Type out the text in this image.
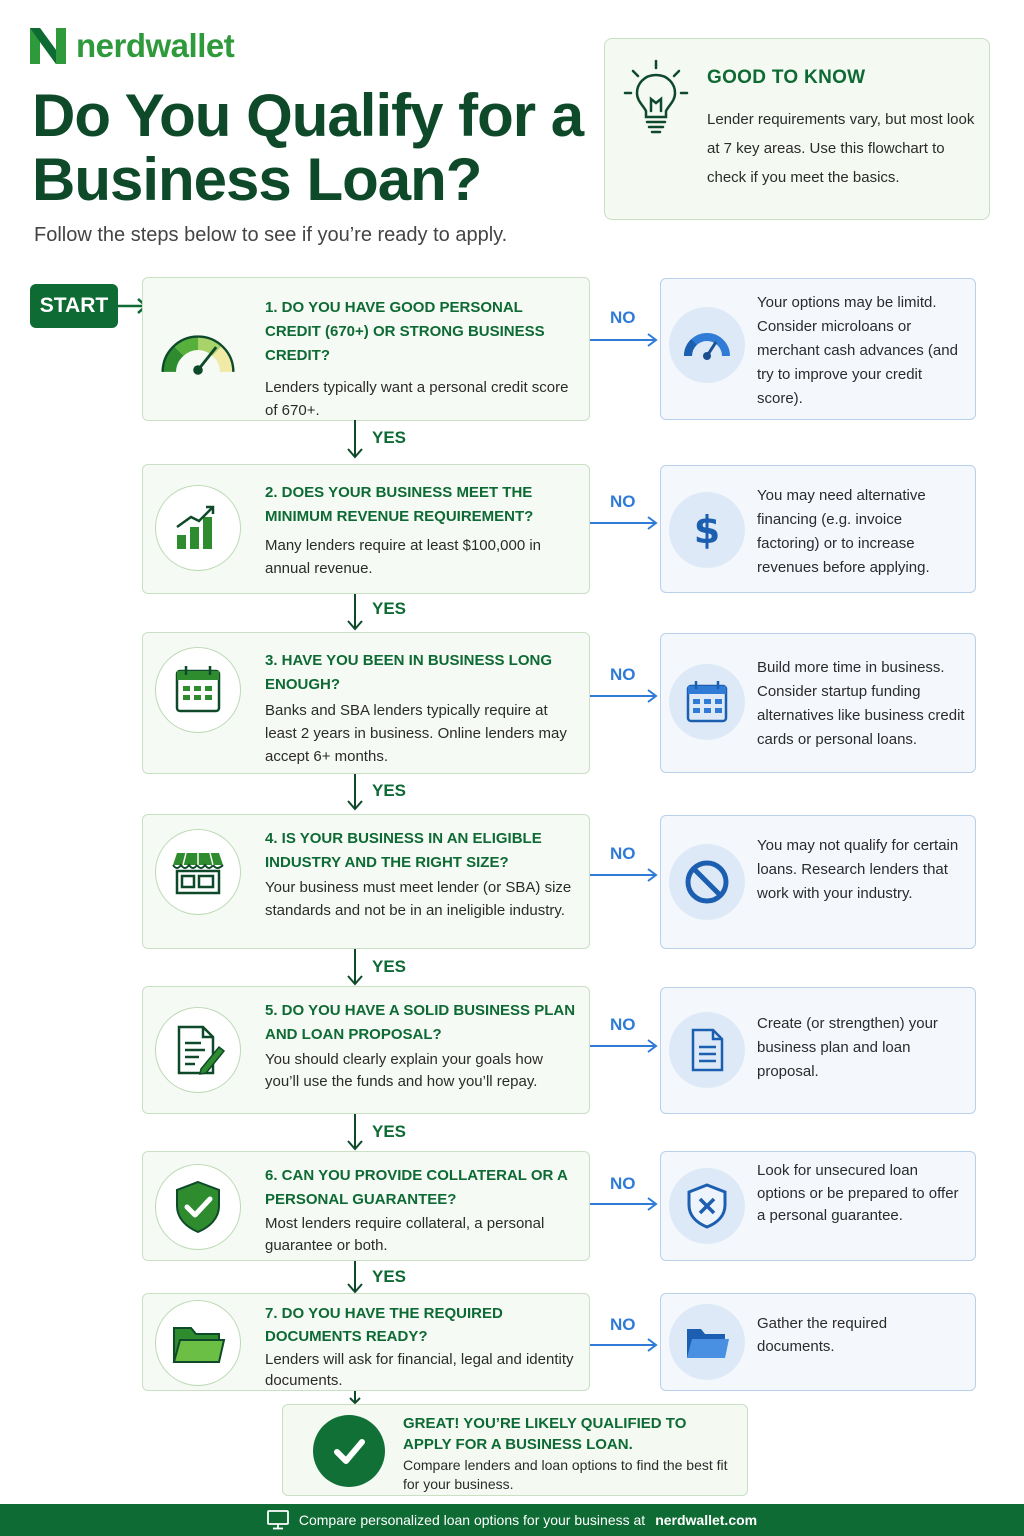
nerdwallet
Do You Qualify for a Business Loan?

Follow the steps below to see if you’re ready to apply.

GOOD TO KNOW
Lender requirements vary, but most look at 7 key areas. Use this flowchart to check if you meet the basics.
START	1. DO YOU HAVE GOOD PERSONAL CREDIT (670+) OR STRONG BUSINESS CREDIT?
Lenders typically want a personal credit score of 670+.
NO
Your options may be limitd. Consider microloans or merchant cash advances (and try to improve your credit score).
YES
2. DOES YOUR BUSINESS MEET THE MINIMUM REVENUE REQUIREMENT?
Many lenders require at least $100,000 in annual revenue.
NO
$
You may need alternative financing (e.g. invoice factoring) or to increase revenues before applying.
YES
3. HAVE YOU BEEN IN BUSINESS LONG ENOUGH?
Banks and SBA lenders typically require at least 2 years in business. Online lenders may accept 6+ months.
NO	Build more time in business. Consider startup funding alternatives like business credit cards or personal loans.
YES
4. IS YOUR BUSINESS IN AN ELIGIBLE INDUSTRY AND THE RIGHT SIZE?
Your business must meet lender (or SBA) size standards and not be in an ineligible industry.
NO	You may not qualify for certain loans. Research lenders that work with your industry.
YES
5. DO YOU HAVE A SOLID BUSINESS PLAN AND LOAN PROPOSAL?
You should clearly explain your goals how you’ll use the funds and how you’ll repay.
NO	Create (or strengthen) your business plan and loan proposal.
YES
6. CAN YOU PROVIDE COLLATERAL OR A PERSONAL GUARANTEE?
Most lenders require collateral, a personal guarantee or both.
NO
Look for unsecured loan options or be prepared to offer a personal guarantee.
YES
7. DO YOU HAVE THE REQUIRED DOCUMENTS READY?
Lenders will ask for financial, legal and identity documents.
NO	Gather the required documents.
GREAT! YOU’RE LIKELY QUALIFIED TO APPLY FOR A BUSINESS LOAN.
Compare lenders and loan options to find the best fit for your business.
Compare personalized loan options for your business at nerdwallet.com
